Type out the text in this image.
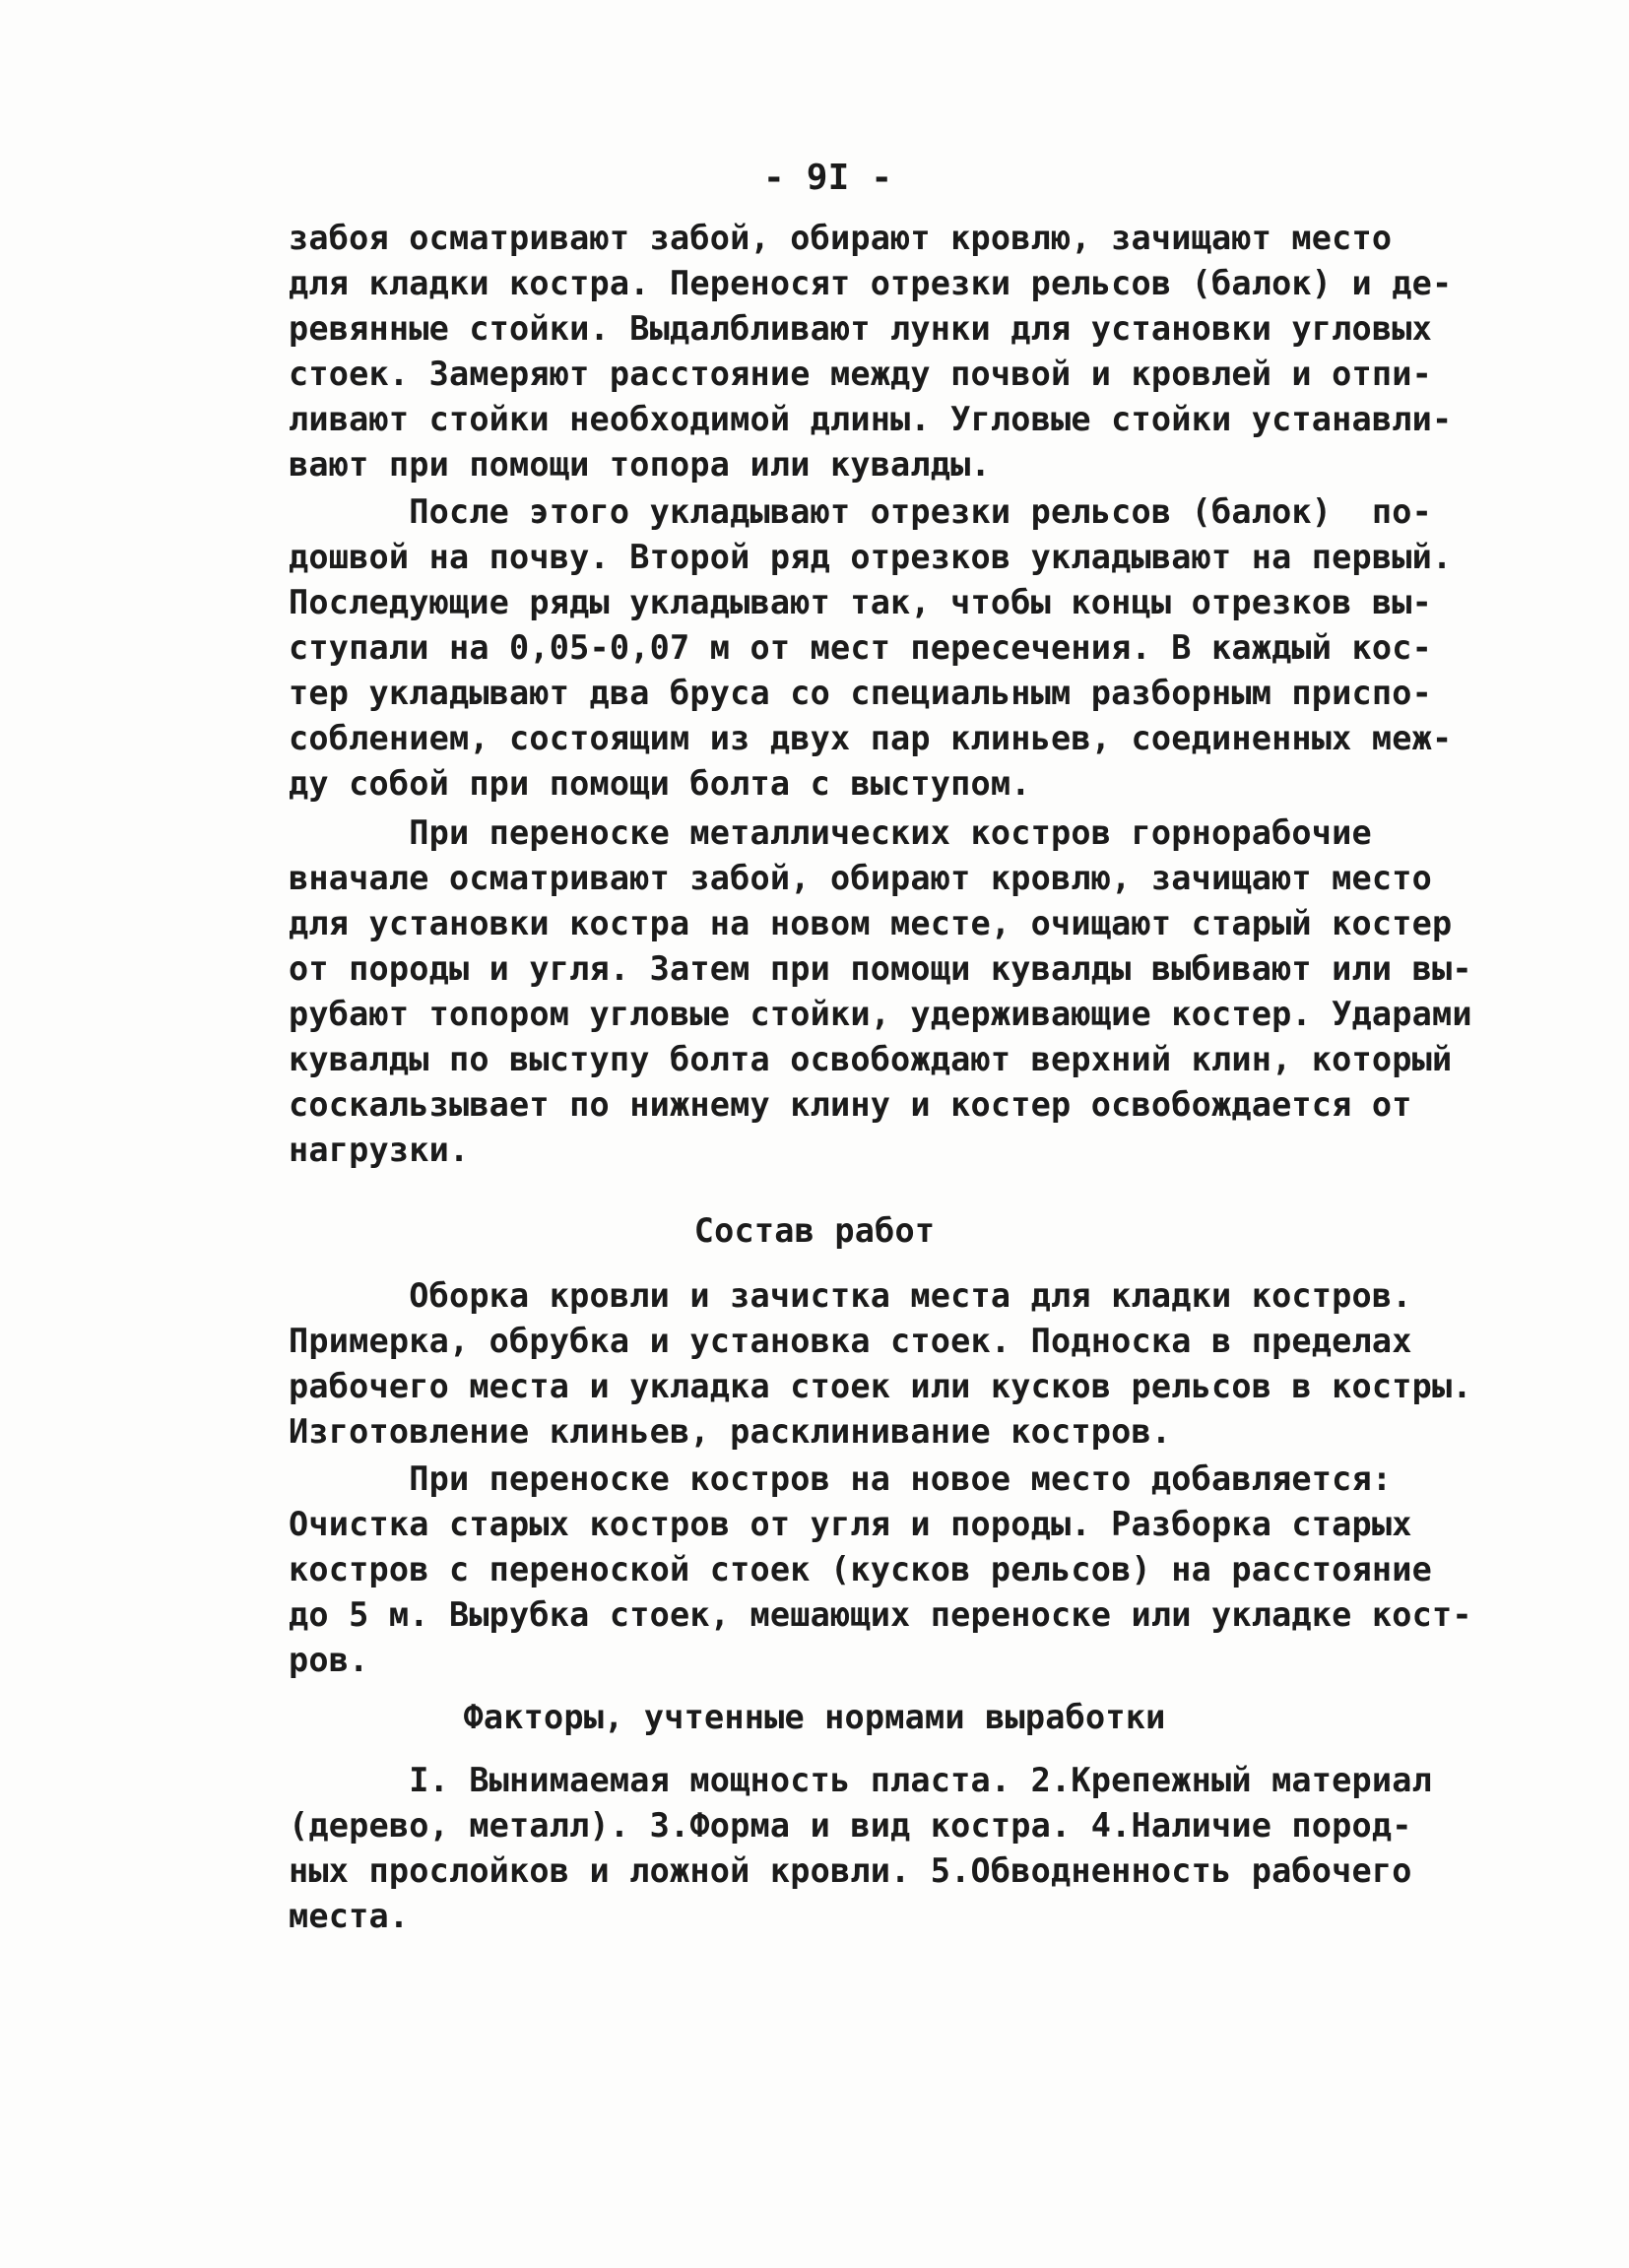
- 9I -
забоя осматривают забой, обирают кровлю, зачищают место
для кладки костра. Переносят отрезки рельсов (балок) и де-
ревянные стойки. Выдалбливают лунки для установки угловых
стоек. Замеряют расстояние между почвой и кровлей и отпи-
ливают стойки необходимой длины. Угловые стойки устанавли-
вают при помощи топора или кувалды.
После этого укладывают отрезки рельсов (балок)  по-
дошвой на почву. Второй ряд отрезков укладывают на первый.
Последующие ряды укладывают так, чтобы концы отрезков вы-
ступали на 0,05-0,07 м от мест пересечения. В каждый кос-
тер укладывают два бруса со специальным разборным приспо-
соблением, состоящим из двух пар клиньев, соединенных меж-
ду собой при помощи болта с выступом.
При переноске металлических костров горнорабочие
вначале осматривают забой, обирают кровлю, зачищают место
для установки костра на новом месте, очищают старый костер
от породы и угля. Затем при помощи кувалды выбивают или вы-
рубают топором угловые стойки, удерживающие костер. Ударами
кувалды по выступу болта освобождают верхний клин, который
соскальзывает по нижнему клину и костер освобождается от
нагрузки.
Состав работ
Оборка кровли и зачистка места для кладки костров.
Примерка, обрубка и установка стоек. Подноска в пределах
рабочего места и укладка стоек или кусков рельсов в костры.
Изготовление клиньев, расклинивание костров.
При переноске костров на новое место добавляется:
Очистка старых костров от угля и породы. Разборка старых
костров с переноской стоек (кусков рельсов) на расстояние
до 5 м. Вырубка стоек, мешающих переноске или укладке кост-
ров.
Факторы, учтенные нормами выработки
I. Вынимаемая мощность пласта. 2.Крепежный материал
(дерево, металл). 3.Форма и вид костра. 4.Наличие пород-
ных прослойков и ложной кровли. 5.Обводненность рабочего
места.
